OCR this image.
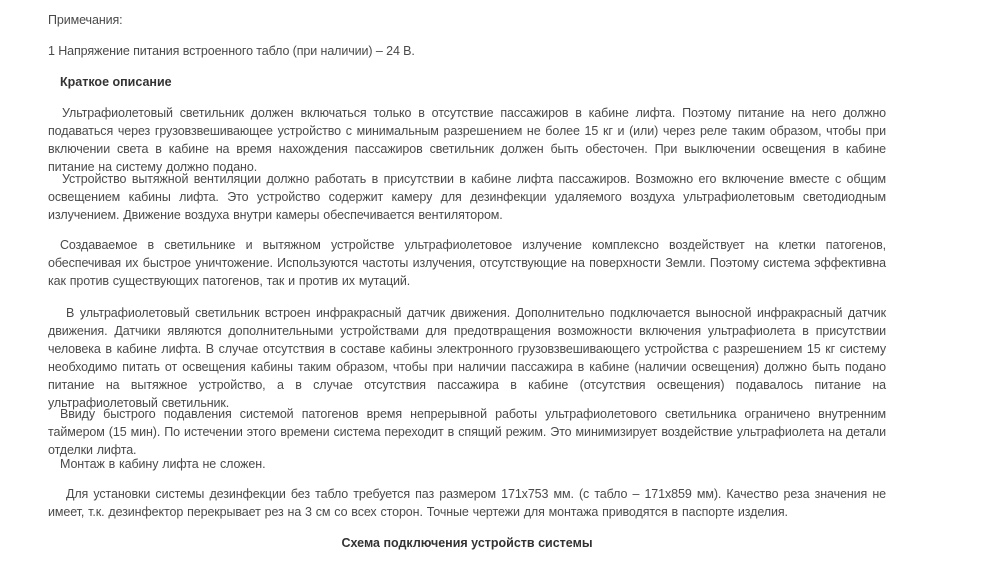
Примечания:
1 Напряжение питания встроенного табло (при наличии) – 24 В.
Краткое описание

Ультрафиолетовый светильник должен включаться только в отсутствие пассажиров в кабине лифта. Поэтому питание на него должно подаваться через грузовзвешивающее устройство с минимальным разрешением не более 15 кг и (или) через реле таким образом, чтобы при включении света в кабине на время нахождения пассажиров светильник должен быть обесточен. При выключении освещения в кабине питание на систему должно подано.

Устройство вытяжной вентиляции должно работать в присутствии в кабине лифта пассажиров. Возможно его включение вместе с общим освещением кабины лифта. Это устройство содержит камеру для дезинфекции удаляемого воздуха ультрафиолетовым светодиодным излучением. Движение воздуха внутри камеры обеспечивается вентилятором.

Создаваемое в светильнике и вытяжном устройстве ультрафиолетовое излучение комплексно воздействует на клетки патогенов, обеспечивая их быстрое уничтожение. Используются частоты излучения, отсутствующие на поверхности Земли. Поэтому система эффективна как против существующих патогенов, так и против их мутаций.

В ультрафиолетовый светильник встроен инфракрасный датчик движения. Дополнительно подключается выносной инфракрасный датчик движения. Датчики являются дополнительными устройствами для предотвращения возможности включения ультрафиолета в присутствии человека в кабине лифта. В случае отсутствия в составе кабины электронного грузовзвешивающего устройства с разрешением 15 кг систему необходимо питать от освещения кабины таким образом, чтобы при наличии пассажира в кабине (наличии освещения) должно быть подано питание на вытяжное устройство, а в случае отсутствия пассажира в кабине (отсутствия освещения) подавалось питание на ультрафиолетовый светильник.

Ввиду быстрого подавления системой патогенов время непрерывной работы ультрафиолетового светильника ограничено внутренним таймером (15 мин). По истечении этого времени система переходит в спящий режим. Это минимизирует воздействие ультрафиолета на детали отделки лифта.

Монтаж в кабину лифта не сложен.

Для установки системы дезинфекции без табло требуется паз размером 171х753 мм. (с табло – 171х859 мм). Качество реза значения не имеет, т.к. дезинфектор перекрывает рез на 3 см со всех сторон. Точные чертежи для монтажа приводятся в паспорте изделия.

Схема подключения устройств системы
